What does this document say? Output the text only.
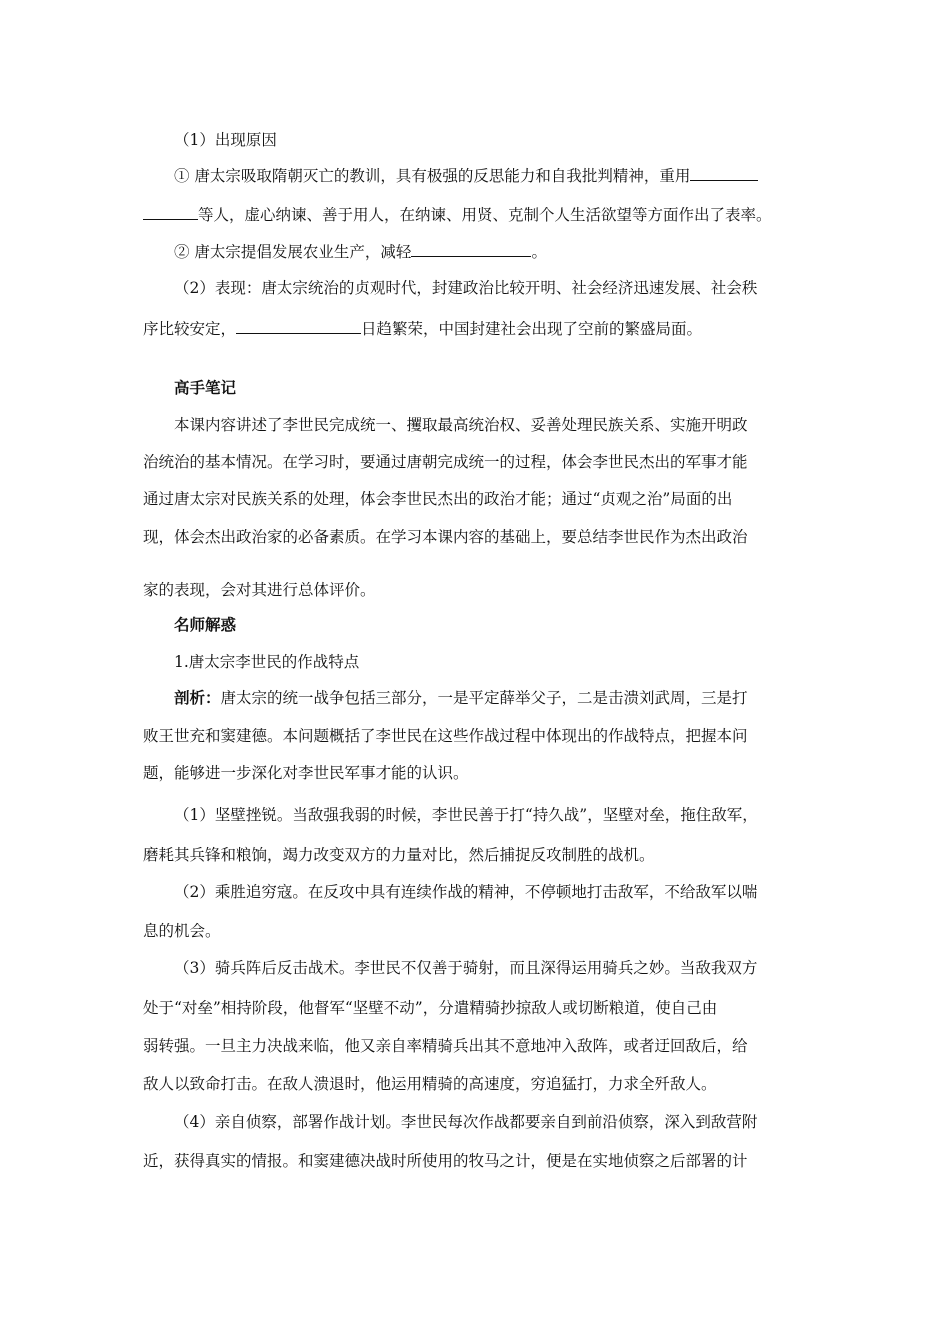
（1）出现原因
① 唐太宗吸取隋朝灭亡的教训，具有极强的反思能力和自我批判精神，重用
等人，虚心纳谏、善于用人，在纳谏、用贤、克制个人生活欲望等方面作出了表率。
② 唐太宗提倡发展农业生产，减轻	。
（2）表现：唐太宗统治的贞观时代，封建政治比较开明、社会经济迅速发展、社会秩
序比较安定，	日趋繁荣，中国封建社会出现了空前的繁盛局面。
高手笔记
本课内容讲述了李世民完成统一、攫取最高统治权、妥善处理民族关系、实施开明政
治统治的基本情况。在学习时，要通过唐朝完成统一的过程，体会李世民杰出的军事才能
通过唐太宗对民族关系的处理，体会李世民杰出的政治才能；通过“贞观之治”局面的出
现，体会杰出政治家的必备素质。在学习本课内容的基础上，要总结李世民作为杰出政治
家的表现，会对其进行总体评价。
名师解惑
1.唐太宗李世民的作战特点
剖析：唐太宗的统一战争包括三部分，一是平定薛举父子，二是击溃刘武周，三是打
败王世充和窦建德。本问题概括了李世民在这些作战过程中体现出的作战特点，把握本问
题，能够进一步深化对李世民军事才能的认识。
（1）坚壁挫锐。当敌强我弱的时候，李世民善于打“持久战”，坚壁对垒，拖住敌军，
磨耗其兵锋和粮饷，竭力改变双方的力量对比，然后捕捉反攻制胜的战机。
（2）乘胜追穷寇。在反攻中具有连续作战的精神，不停顿地打击敌军，不给敌军以喘
息的机会。
（3）骑兵阵后反击战术。李世民不仅善于骑射，而且深得运用骑兵之妙。当敌我双方
处于“对垒”相持阶段，他督军“坚壁不动”，分遣精骑抄掠敌人或切断粮道，使自己由
弱转强。一旦主力决战来临，他又亲自率精骑兵出其不意地冲入敌阵，或者迂回敌后，给
敌人以致命打击。在敌人溃退时，他运用精骑的高速度，穷追猛打，力求全歼敌人。
（4）亲自侦察，部署作战计划。李世民每次作战都要亲自到前沿侦察，深入到敌营附
近，获得真实的情报。和窦建德决战时所使用的牧马之计，便是在实地侦察之后部署的计
